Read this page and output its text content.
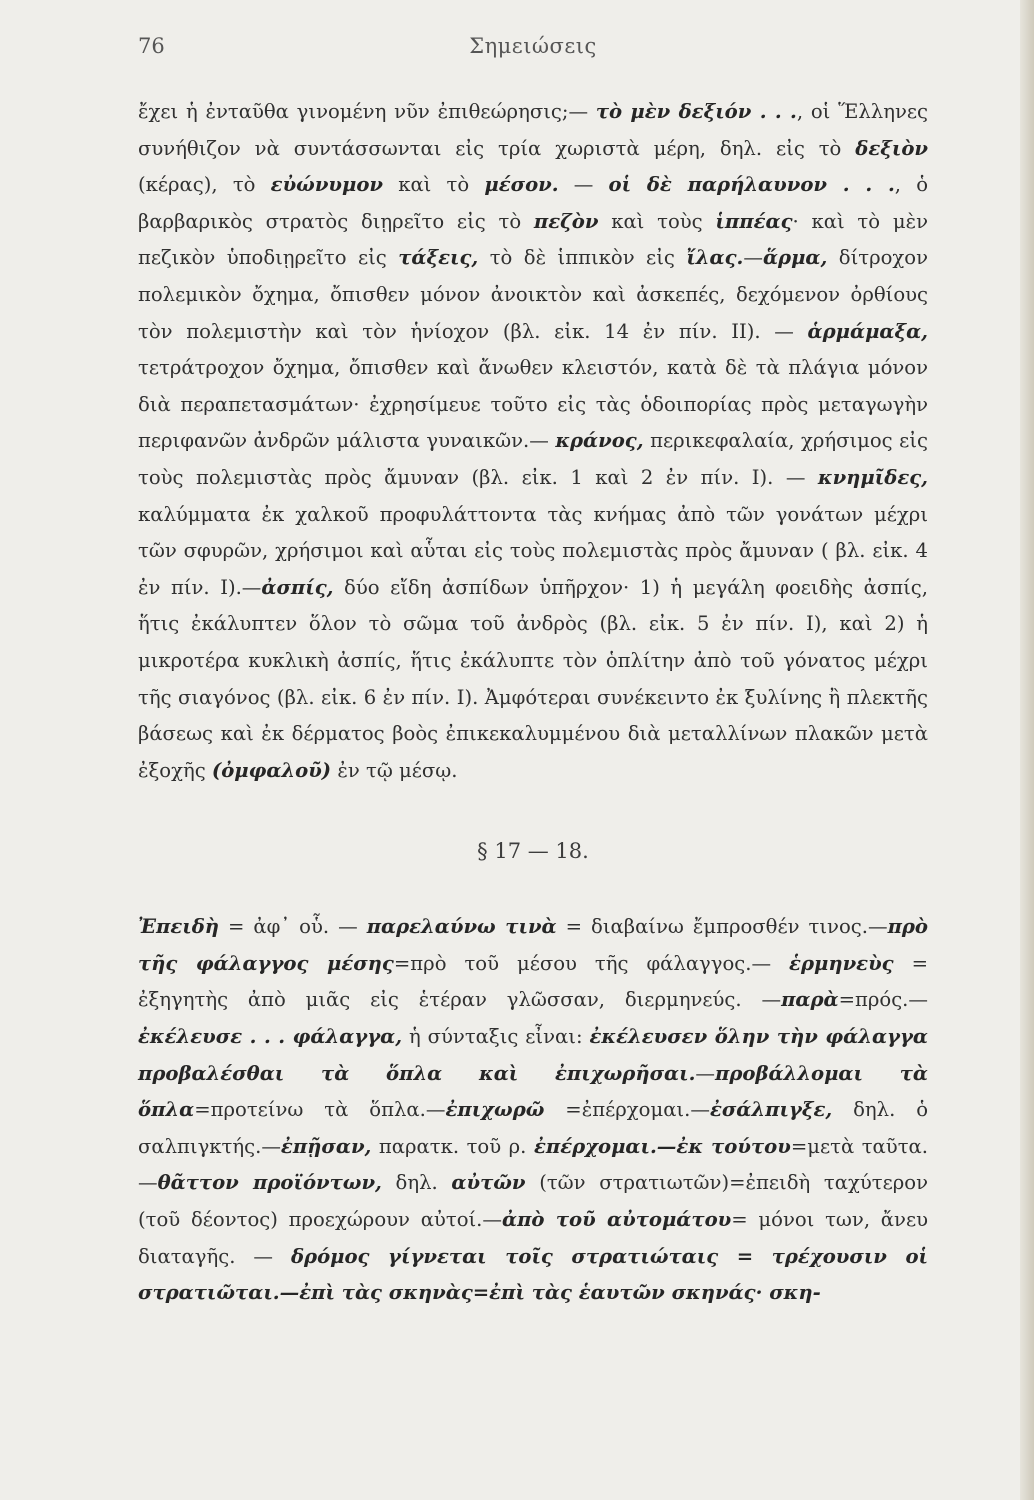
76	Σημειώσεις

ἔχει ἡ ἐνταῦθα γινομένη νῦν ἐπιθεώρησις;— τὸ μὲν δεξιόν . . ., οἱ Ἕλληνες συνήθιζον νὰ συντάσσωνται εἰς τρία χωριστὰ μέρη, δηλ. εἰς τὸ δεξιὸν (κέρας), τὸ εὐώνυμον καὶ τὸ μέσον. — οἱ δὲ παρήλαυνον . . ., ὁ βαρβαρικὸς στρατὸς διῃρεῖτο εἰς τὸ πεζὸν καὶ τοὺς ἱππέας· καὶ τὸ μὲν πεζικὸν ὑποδιῃρεῖτο εἰς τάξεις, τὸ δὲ ἱππικὸν εἰς ἴλας.—ἅρμα, δίτροχον πολεμικὸν ὄχημα, ὄπισθεν μόνον ἀνοικτὸν καὶ ἀσκεπές, δεχόμενον ὀρθίους τὸν πολεμιστὴν καὶ τὸν ἡνίοχον (βλ. εἰκ. 14 ἐν πίν. ΙΙ). — ἁρμάμαξα, τετράτροχον ὄχημα, ὄπισθεν καὶ ἄνωθεν κλειστόν, κατὰ δὲ τὰ πλάγια μόνον διὰ περαπετασμάτων· ἐχρησίμευε τοῦτο εἰς τὰς ὁδοιπορίας πρὸς μεταγωγὴν περιφανῶν ἀνδρῶν μάλιστα γυναικῶν.— κράνος, περικεφαλαία, χρήσιμος εἰς τοὺς πολεμιστὰς πρὸς ἄμυναν (βλ. εἰκ. 1 καὶ 2 ἐν πίν. Ι). — κνημῖδες, καλύμματα ἐκ χαλκοῦ προφυλάττοντα τὰς κνήμας ἀπὸ τῶν γονάτων μέχρι τῶν σφυρῶν, χρήσιμοι καὶ αὗται εἰς τοὺς πολεμιστὰς πρὸς ἄμυναν ( βλ. εἰκ. 4 ἐν πίν. Ι).—ἀσπίς, δύο εἴδη ἀσπίδων ὑπῆρχον· 1) ἡ μεγάλη φοειδὴς ἀσπίς, ἥτις ἐκάλυπτεν ὅλον τὸ σῶμα τοῦ ἀνδρὸς (βλ. εἰκ. 5 ἐν πίν. Ι), καὶ 2) ἡ μικροτέρα κυκλικὴ ἀσπίς, ἥτις ἐκάλυπτε τὸν ὁπλίτην ἀπὸ τοῦ γόνατος μέχρι τῆς σιαγόνος (βλ. εἰκ. 6 ἐν πίν. Ι). Ἀμφότεραι συνέκειντο ἐκ ξυλίνης ἢ πλεκτῆς βάσεως καὶ ἐκ δέρματος βοὸς ἐπικεκαλυμμένου διὰ μεταλλίνων πλακῶν μετὰ ἐξοχῆς (ὀμφαλοῦ) ἐν τῷ μέσῳ.

§ 17 — 18.

Ἐπειδὴ = ἀφ᾽ οὗ. — παρελαύνω τινὰ = διαβαίνω ἔμπροσθέν τινος.—πρὸ τῆς φάλαγγος μέσης=πρὸ τοῦ μέσου τῆς φάλαγγος.— ἑρμηνεὺς = ἐξηγητὴς ἀπὸ μιᾶς εἰς ἑτέραν γλῶσσαν, διερμηνεύς. —παρὰ=πρός.— ἐκέλευσε . . . φάλαγγα, ἡ σύνταξις εἶναι: ἐκέλευσεν ὅλην τὴν φάλαγγα προβαλέσθαι τὰ ὅπλα καὶ ἐπιχωρῆσαι.—προβάλλομαι τὰ ὅπλα=προτείνω τὰ ὅπλα.—ἐπιχωρῶ =ἐπέρχομαι.—ἐσάλπιγξε, δηλ. ὁ σαλπιγκτής.—ἐπῇσαν, παρατκ. τοῦ ρ. ἐπέρχομαι.—ἐκ τούτου=μετὰ ταῦτα.—θᾶττον προϊόντων, δηλ. αὐτῶν (τῶν στρατιωτῶν)=ἐπειδὴ ταχύτερον (τοῦ δέοντος) προεχώρουν αὐτοί.—ἀπὸ τοῦ αὐτομάτου= μόνοι των, ἄνευ διαταγῆς. — δρόμος γίγνεται τοῖς στρατιώταις = τρέχουσιν οἱ στρατιῶται.—ἐπὶ τὰς σκηνὰς=ἐπὶ τὰς ἑαυτῶν σκηνάς· σκη-
